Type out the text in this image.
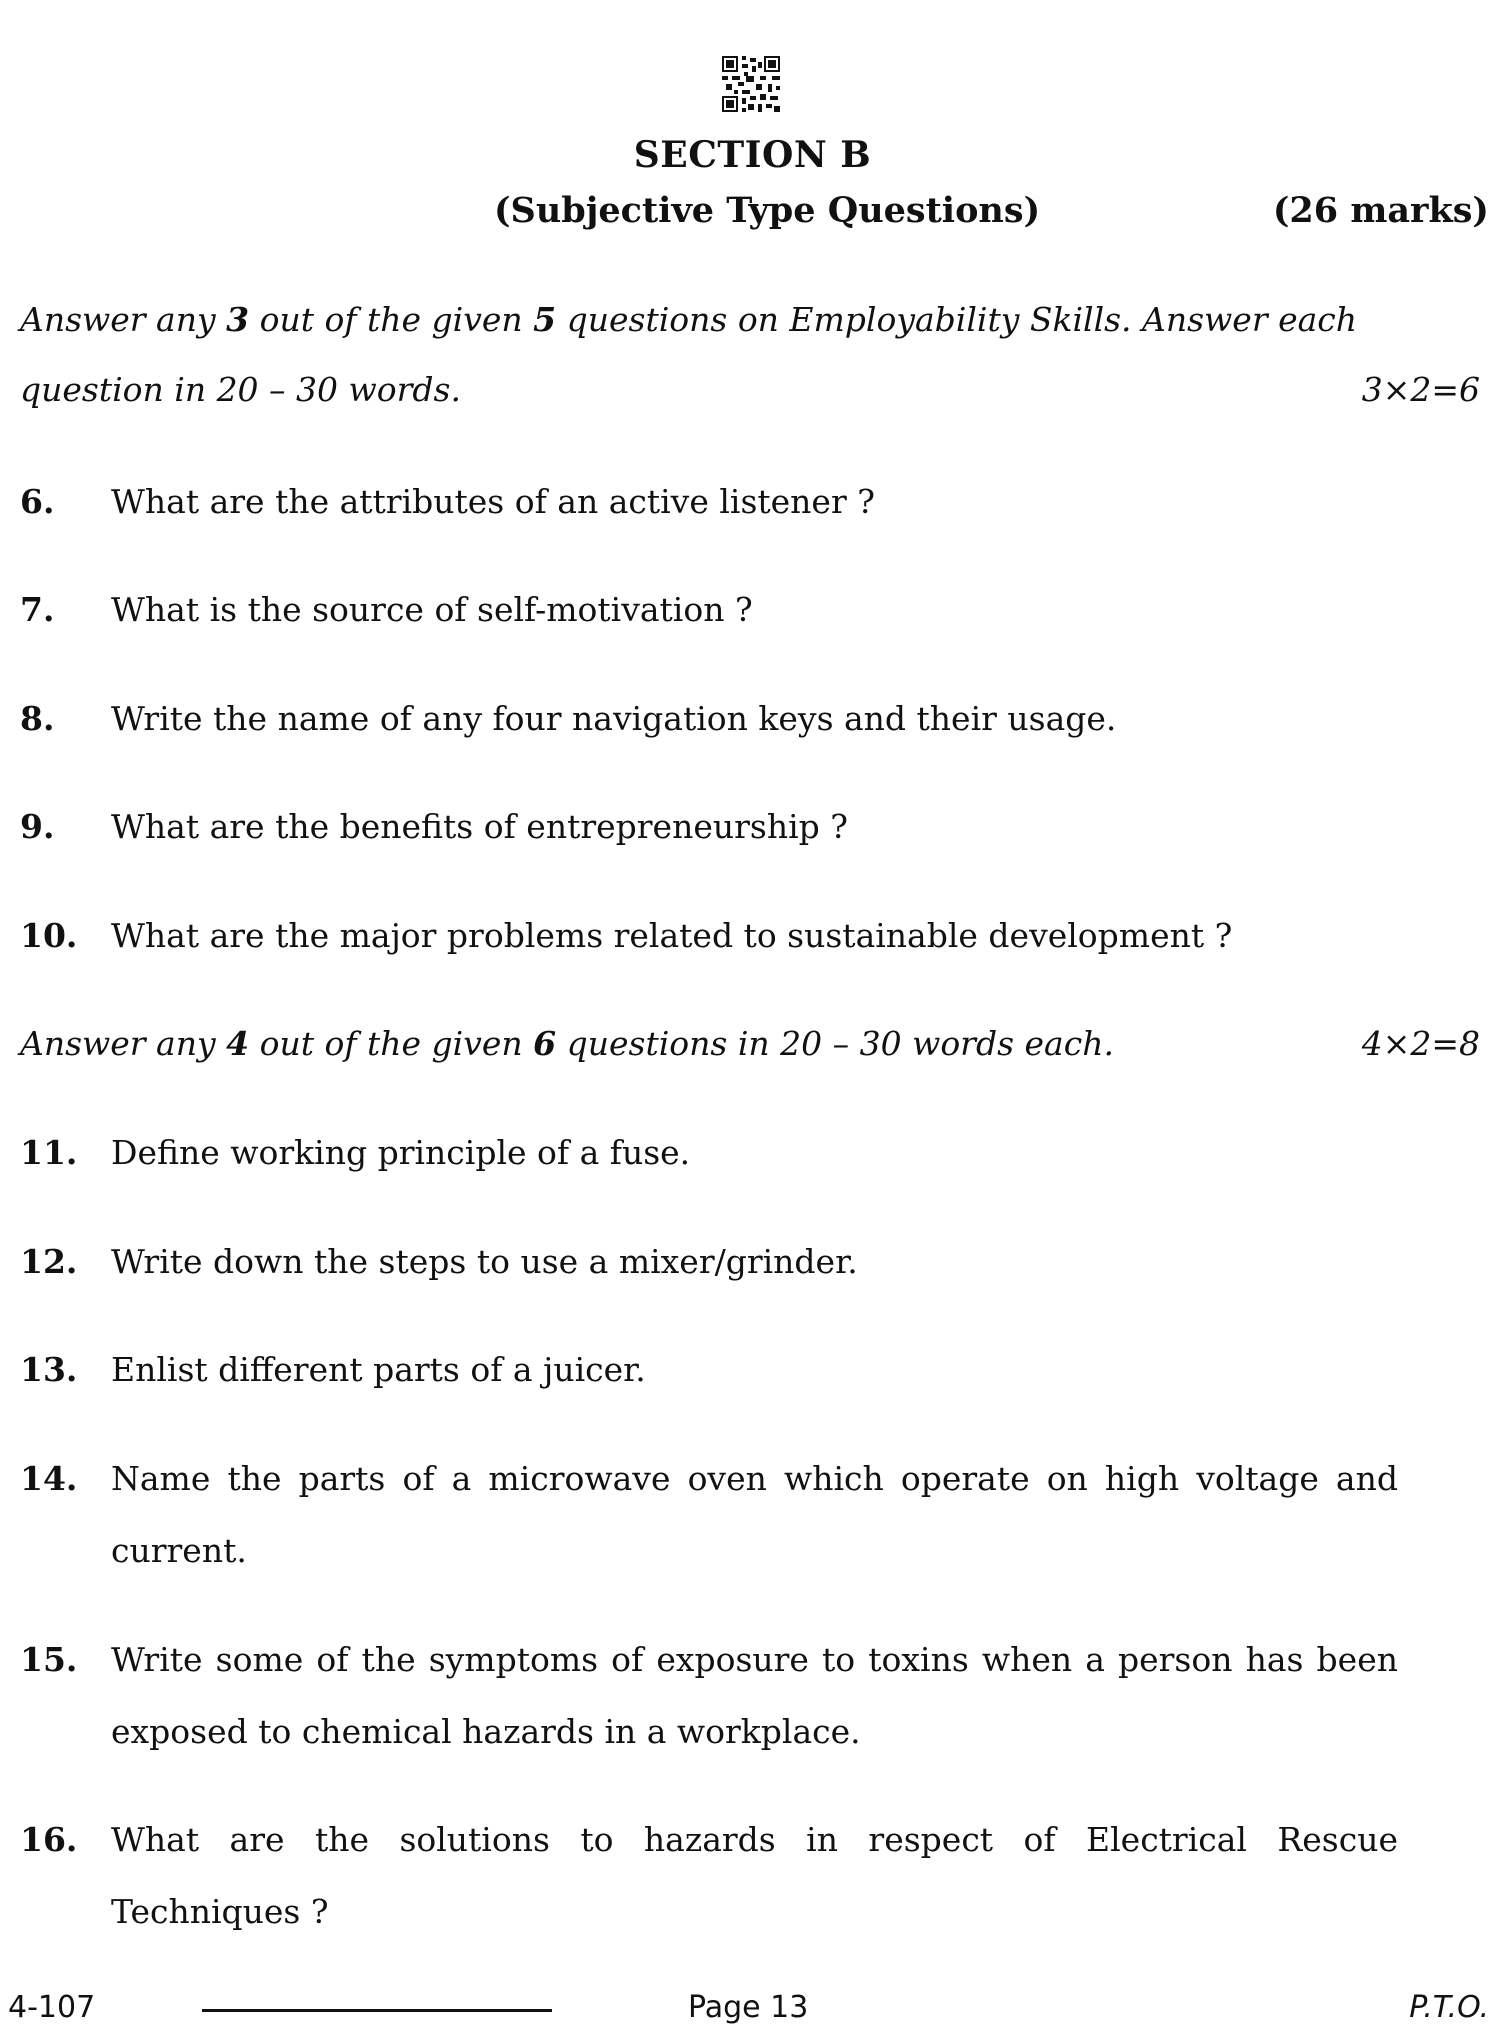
SECTION B
(Subjective Type Questions)	(26 marks)
Answer any 3 out of the given 5 questions on Employability Skills. Answer each
question in 20 – 30 words.	3×2=6
6. What are the attributes of an active listener ?
7. What is the source of self-motivation ?
8. Write the name of any four navigation keys and their usage.
9. What are the benefits of entrepreneurship ?
10. What are the major problems related to sustainable development ?
Answer any 4 out of the given 6 questions in 20 – 30 words each.	4×2=8
11. Define working principle of a fuse.
12. Write down the steps to use a mixer/grinder.
13. Enlist different parts of a juicer.
14. Name the parts of a microwave oven which operate on high voltage and current.
15. Write some of the symptoms of exposure to toxins when a person has been exposed to chemical hazards in a workplace.
16. What are the solutions to hazards in respect of Electrical Rescue Techniques ?
4-107	Page 13	P.T.O.
